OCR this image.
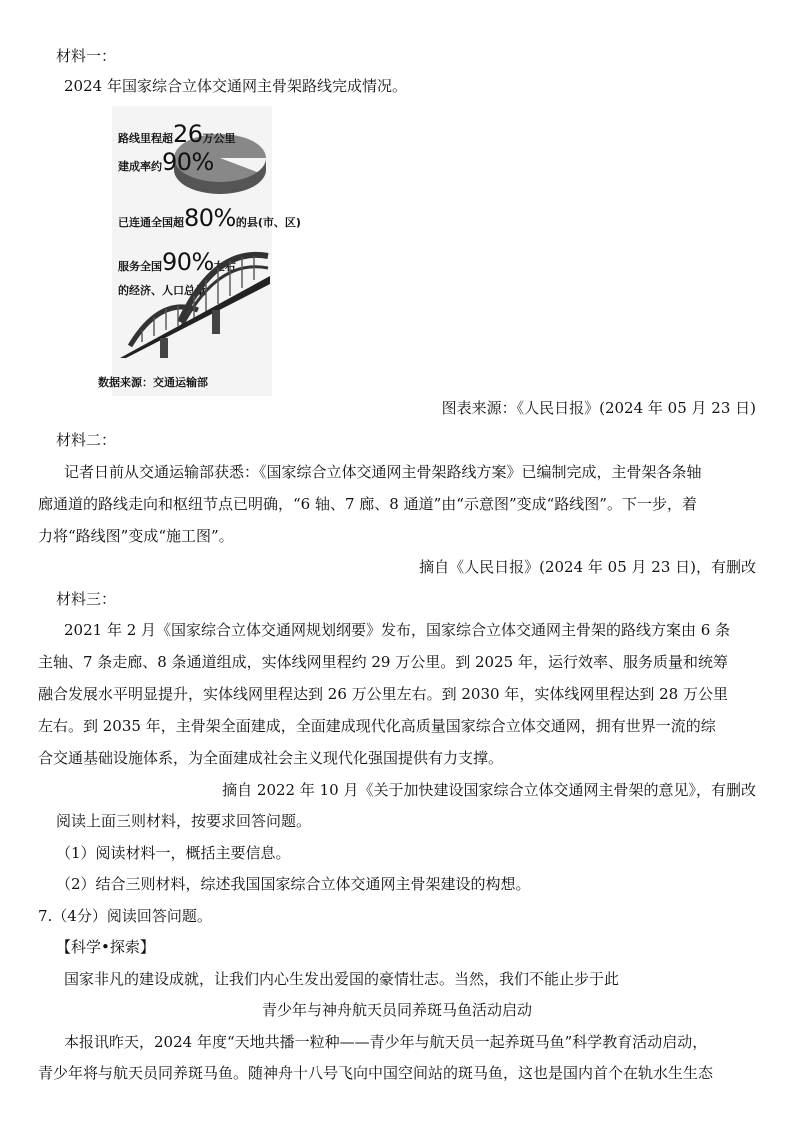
材料一：
2024 年国家综合立体交通网主骨架路线完成情况。
路线里程超26万公里
建成率约90%
已连通全国超80%的县(市、区)
服务全国90%左右
的经济、人口总量
数据来源：交通运输部
图表来源：《人民日报》(2024 年 05 月 23 日)
材料二：
记者日前从交通运输部获悉：《国家综合立体交通网主骨架路线方案》已编制完成，主骨架各条轴
廊通道的路线走向和枢纽节点已明确，“6 轴、7 廊、8 通道”由“示意图”变成“路线图”。下一步，着
力将“路线图”变成“施工图”。
摘自《人民日报》(2024 年 05 月 23 日)，有删改
材料三：
2021 年 2 月《国家综合立体交通网规划纲要》发布，国家综合立体交通网主骨架的路线方案由 6 条
主轴、7 条走廊、8 条通道组成，实体线网里程约 29 万公里。到 2025 年，运行效率、服务质量和统筹
融合发展水平明显提升，实体线网里程达到 26 万公里左右。到 2030 年，实体线网里程达到 28 万公里
左右。到 2035 年，主骨架全面建成，全面建成现代化高质量国家综合立体交通网，拥有世界一流的综
合交通基础设施体系，为全面建成社会主义现代化强国提供有力支撑。
摘自 2022 年 10 月《关于加快建设国家综合立体交通网主骨架的意见》，有删改
阅读上面三则材料，按要求回答问题。
（1）阅读材料一，概括主要信息。
（2）结合三则材料，综述我国国家综合立体交通网主骨架建设的构想。
7.（4分）阅读回答问题。
【科学•探索】
国家非凡的建设成就，让我们内心生发出爱国的豪情壮志。当然，我们不能止步于此
青少年与神舟航天员同养斑马鱼活动启动
本报讯昨天，2024 年度“天地共播一粒种——青少年与航天员一起养斑马鱼”科学教育活动启动，
青少年将与航天员同养斑马鱼。随神舟十八号飞向中国空间站的斑马鱼，这也是国内首个在轨水生生态
